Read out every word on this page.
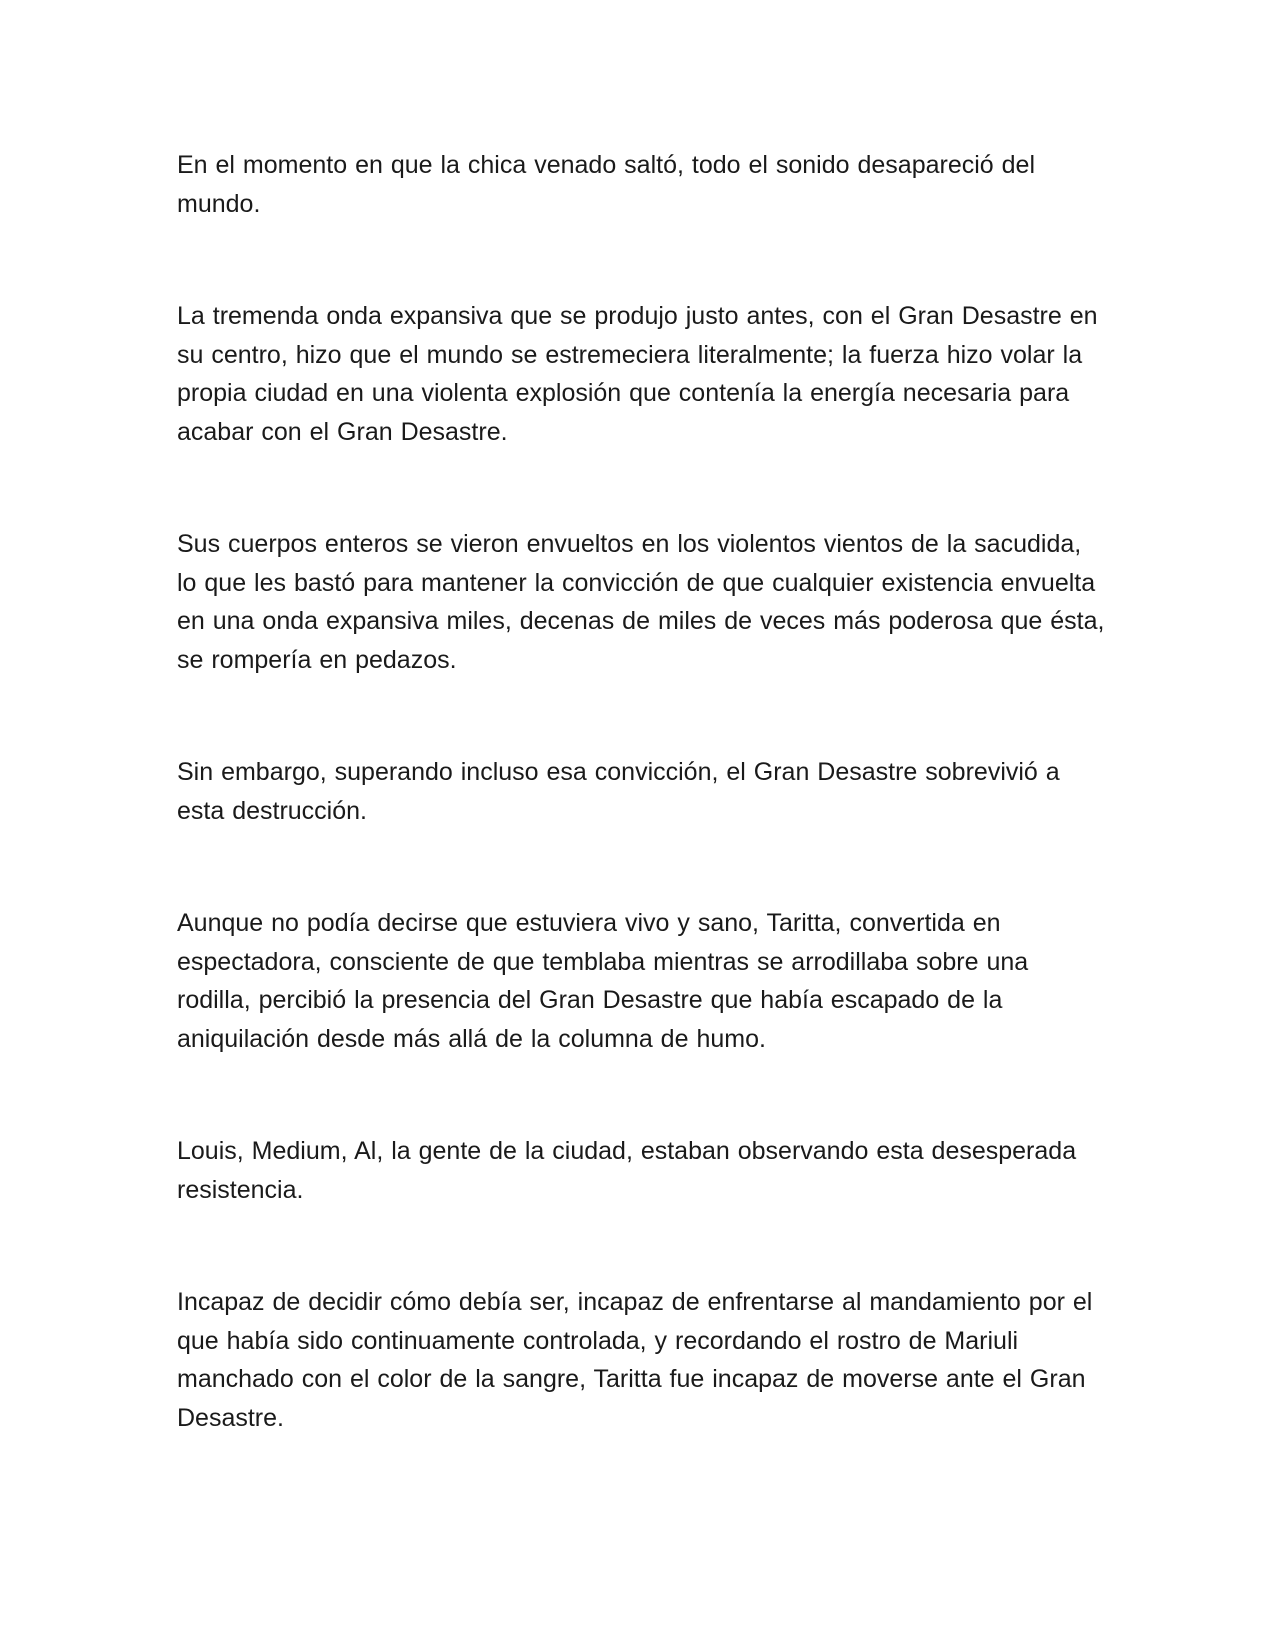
En el momento en que la chica venado saltó, todo el sonido desapareció del mundo.

La tremenda onda expansiva que se produjo justo antes, con el Gran Desastre en su centro, hizo que el mundo se estremeciera literalmente; la fuerza hizo volar la propia ciudad en una violenta explosión que contenía la energía necesaria para acabar con el Gran Desastre.

Sus cuerpos enteros se vieron envueltos en los violentos vientos de la sacudida, lo que les bastó para mantener la convicción de que cualquier existencia envuelta en una onda expansiva miles, decenas de miles de veces más poderosa que ésta, se rompería en pedazos.

Sin embargo, superando incluso esa convicción, el Gran Desastre sobrevivió a esta destrucción.

Aunque no podía decirse que estuviera vivo y sano, Taritta, convertida en espectadora, consciente de que temblaba mientras se arrodillaba sobre una rodilla, percibió la presencia del Gran Desastre que había escapado de la aniquilación desde más allá de la columna de humo.

Louis, Medium, Al, la gente de la ciudad, estaban observando esta desesperada resistencia.

Incapaz de decidir cómo debía ser, incapaz de enfrentarse al mandamiento por el que había sido continuamente controlada, y recordando el rostro de Mariuli manchado con el color de la sangre, Taritta fue incapaz de moverse ante el Gran Desastre.
